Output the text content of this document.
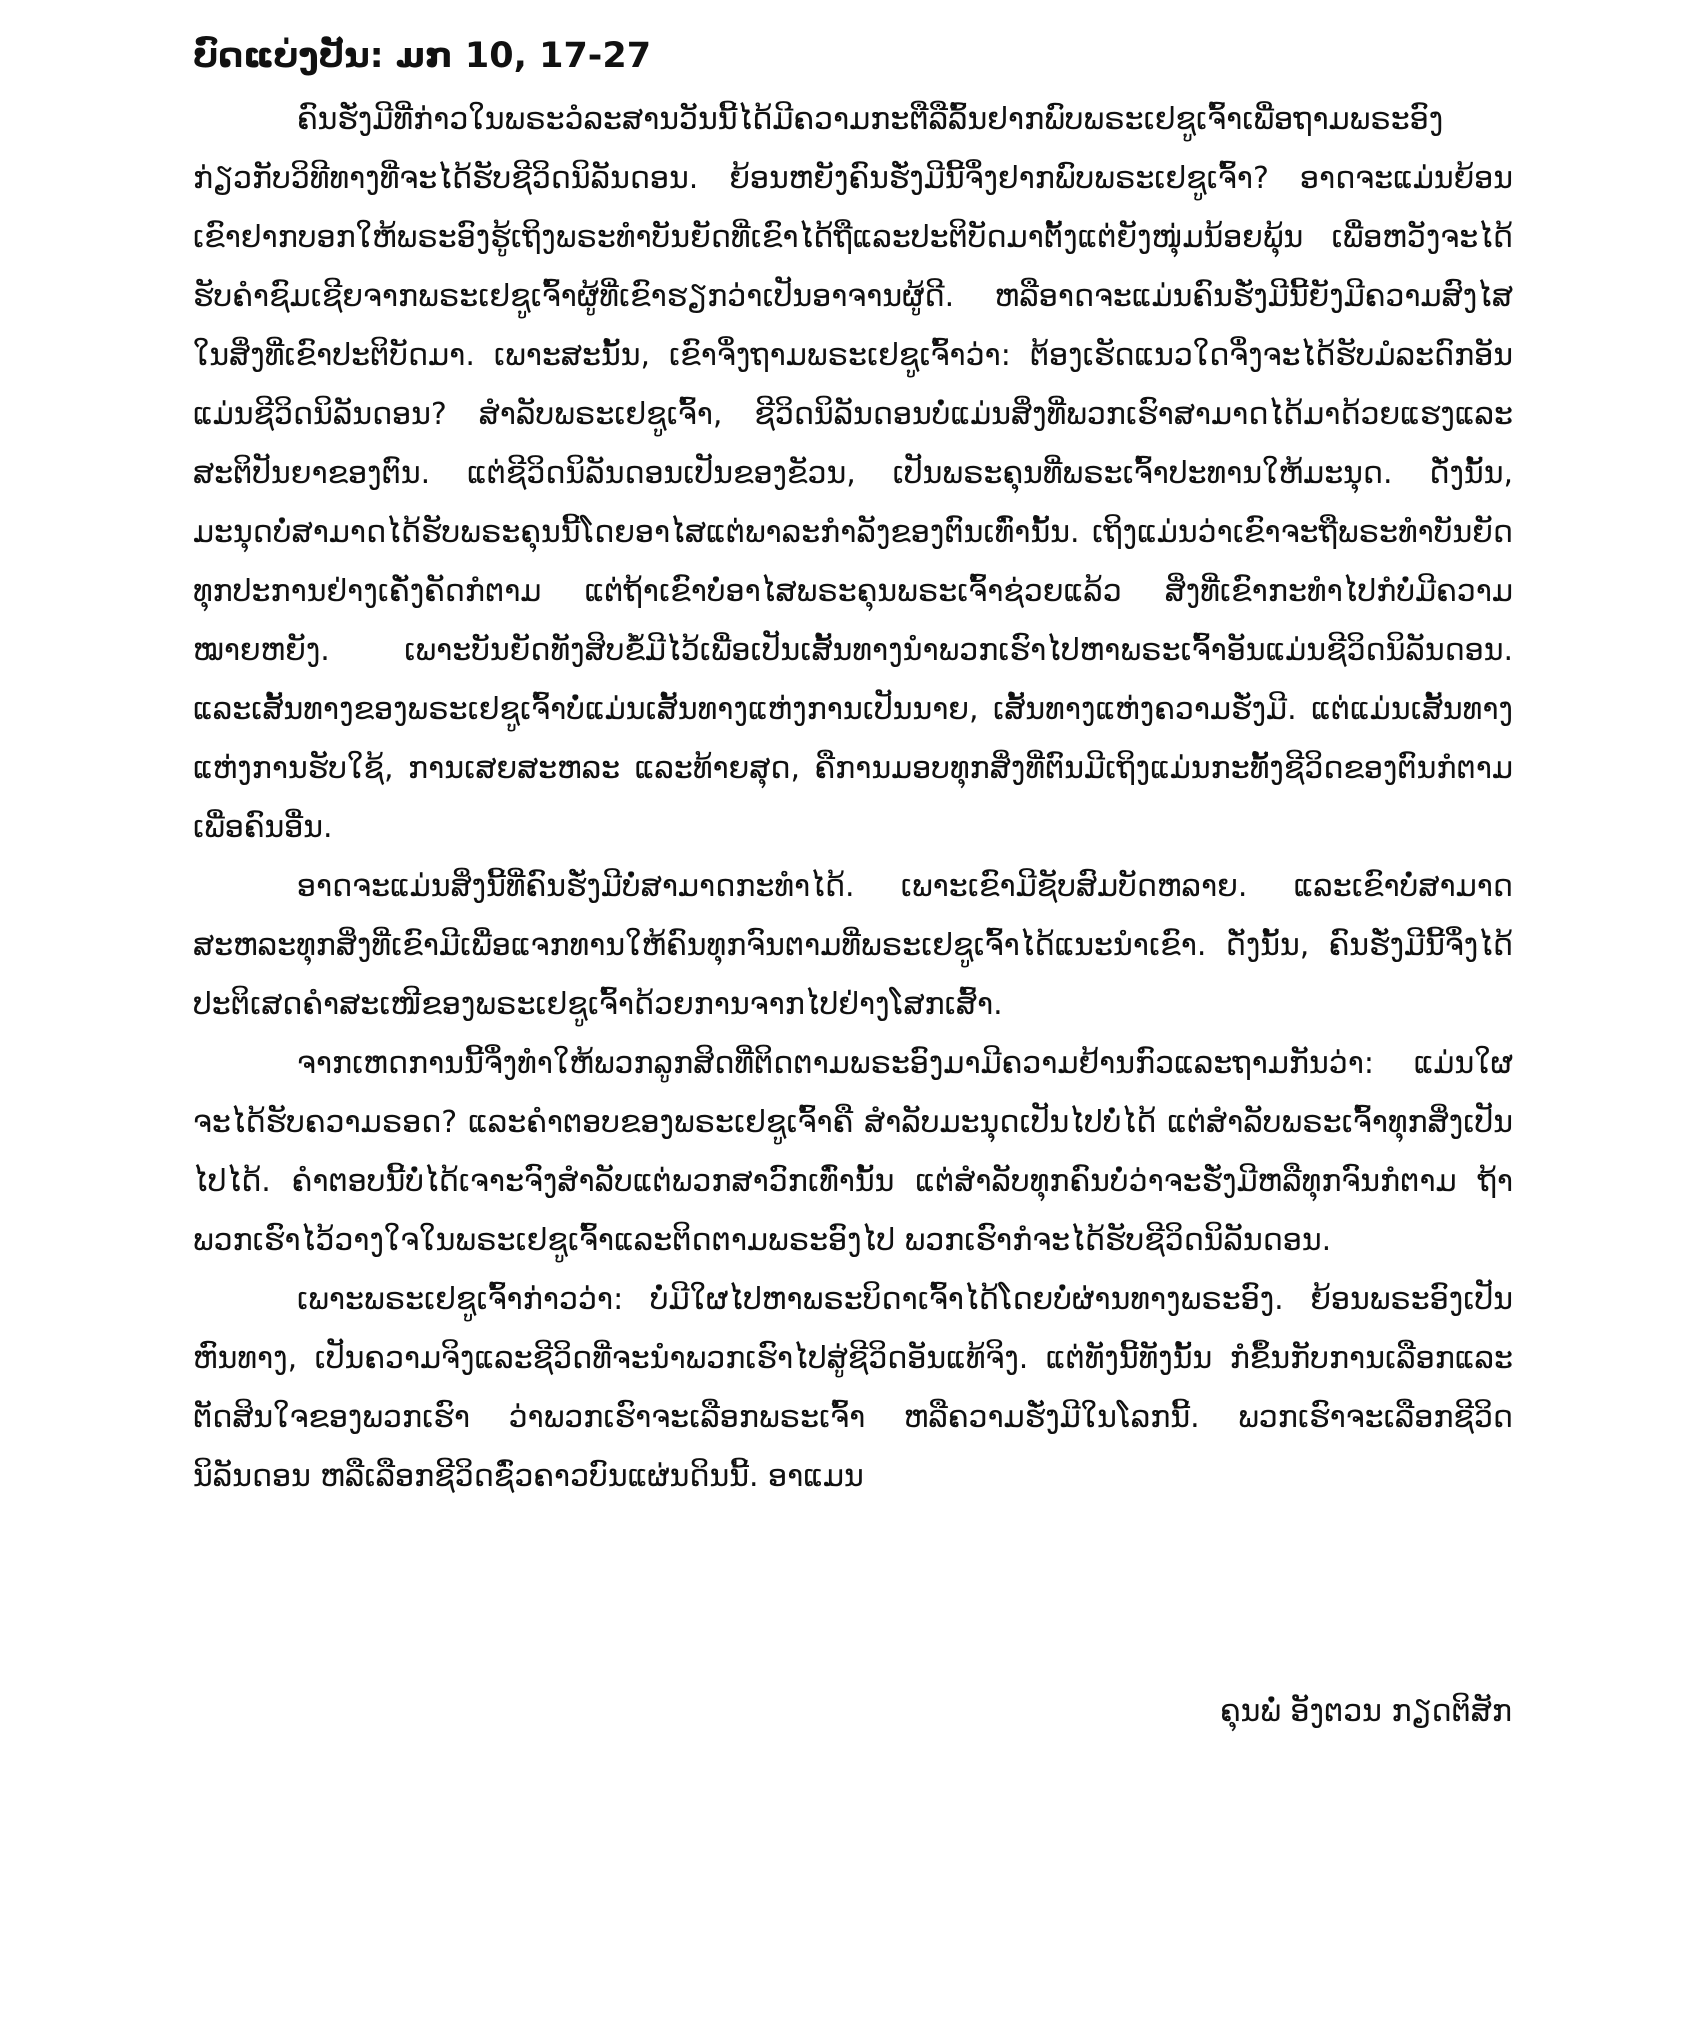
ບົດແບ່ງປັນ: ມກ 10, 17-27

ຄົນຮັ່ງມີທີ່ກ່າວໃນພຣະວໍລະສານວັນນີ້ໄດ້ມີຄວາມກະຕືລືລົ້ນຢາກພົບພຣະເຢຊູເຈົ້າເພື່ອຖາມພຣະອົງກ່ຽວກັບວິທີທາງທີ່ຈະໄດ້ຮັບຊີວິດນິລັນດອນ. ຍ້ອນຫຍັງຄົນຮັ່ງມີນີ້ຈຶ່ງຢາກພົບພຣະເຢຊູເຈົ້າ? ອາດຈະແມ່ນຍ້ອນເຂົາຢາກບອກໃຫ້ພຣະອົງຮູ້ເຖິງພຣະທໍາບັນຍັດທີ່ເຂົາໄດ້ຖືແລະປະຕິບັດມາຕັ້ງແຕ່ຍັງໜຸ່ມນ້ອຍພຸ້ນ ເພື່ອຫວັງຈະໄດ້ຮັບຄໍາຊົມເຊີຍຈາກພຣະເຢຊູເຈົ້າຜູ້ທີ່ເຂົາຮຽກວ່າເປັນອາຈານຜູ້ດີ. ຫລືອາດຈະແມ່ນຄົນຮັ່ງມີນີ້ຍັງມີຄວາມສົງໄສໃນສິ່ງທີ່ເຂົາປະຕິບັດມາ. ເພາະສະນັ້ນ, ເຂົາຈຶ່ງຖາມພຣະເຢຊູເຈົ້າວ່າ: ຕ້ອງເຮັດແນວໃດຈຶ່ງຈະໄດ້ຮັບມໍລະດົກອັນແມ່ນຊີວິດນິລັນດອນ? ສໍາລັບພຣະເຢຊູເຈົ້າ, ຊີວິດນິລັນດອນບໍ່ແມ່ນສິ່ງທີ່ພວກເຮົາສາມາດໄດ້ມາດ້ວຍແຮງແລະສະຕິປັນຍາຂອງຕົນ. ແຕ່ຊີວິດນິລັນດອນເປັນຂອງຂັວນ, ເປັນພຣະຄຸນທີ່ພຣະເຈົ້າປະທານໃຫ້ມະນຸດ. ດັ່ງນັ້ນ, ມະນຸດບໍ່ສາມາດໄດ້ຮັບພຣະຄຸນນີ້ໂດຍອາໄສແຕ່ພາລະກໍາລັງຂອງຕົນເທົ່ານັ້ນ. ເຖິງແມ່ນວ່າເຂົາຈະຖືພຣະທໍາບັນຍັດທຸກປະການຢ່າງເຄັ່ງຄັດກໍຕາມ ແຕ່ຖ້າເຂົາບໍ່ອາໄສພຣະຄຸນພຣະເຈົ້າຊ່ວຍແລ້ວ ສິ່ງທີ່ເຂົາກະທໍາໄປກໍບໍ່ມີຄວາມໝາຍຫຍັງ. ເພາະບັນຍັດທັງສິບຂໍ້ມີໄວ້ເພື່ອເປັນເສັ້ນທາງນໍາພວກເຮົາໄປຫາພຣະເຈົ້າອັນແມ່ນຊີວິດນິລັນດອນ. ແລະເສັ້ນທາງຂອງພຣະເຢຊູເຈົ້າບໍ່ແມ່ນເສັ້ນທາງແຫ່ງການເປັນນາຍ, ເສັ້ນທາງແຫ່ງຄວາມຮັ່ງມີ. ແຕ່ແມ່ນເສັ້ນທາງແຫ່ງການຮັບໃຊ້, ການເສຍສະຫລະ ແລະທ້າຍສຸດ, ຄືການມອບທຸກສິ່ງທີ່ຕົນມີເຖິງແມ່ນກະທັ້ງຊີວິດຂອງຕົນກໍຕາມເພື່ອຄົນອື່ນ.

ອາດຈະແມ່ນສິ່ງນີ້ທີ່ຄົນຮັ່ງມີບໍ່ສາມາດກະທໍາໄດ້. ເພາະເຂົາມີຊັບສົມບັດຫລາຍ. ແລະເຂົາບໍ່ສາມາດສະຫລະທຸກສິ່ງທີ່ເຂົາມີເພື່ອແຈກທານໃຫ້ຄົນທຸກຈົນຕາມທີ່ພຣະເຢຊູເຈົ້າໄດ້ແນະນໍາເຂົາ. ດັ່ງນັ້ນ, ຄົນຮັ່ງມີນີ້ຈຶ່ງໄດ້ປະຕິເສດຄໍາສະເໜີຂອງພຣະເຢຊູເຈົ້າດ້ວຍການຈາກໄປຢ່າງໂສກເສົ້າ.

ຈາກເຫດການນີ້ຈຶ່ງທໍາໃຫ້ພວກລູກສິດທີ່ຕິດຕາມພຣະອົງມາມີຄວາມຢ້ານກົວແລະຖາມກັນວ່າ: ແມ່ນໃຜຈະໄດ້ຮັບຄວາມຣອດ? ແລະຄໍາຕອບຂອງພຣະເຢຊູເຈົ້າຄື ສໍາລັບມະນຸດເປັນໄປບໍ່ໄດ້ ແຕ່ສໍາລັບພຣະເຈົ້າທຸກສິ່ງເປັນໄປໄດ້. ຄໍາຕອບນີ້ບໍ່ໄດ້ເຈາະຈົງສໍາລັບແຕ່ພວກສາວົກເທົ່ານັ້ນ ແຕ່ສໍາລັບທຸກຄົນບໍ່ວ່າຈະຮັ່ງມີຫລືທຸກຈົນກໍຕາມ ຖ້າພວກເຮົາໄວ້ວາງໃຈໃນພຣະເຢຊູເຈົ້າແລະຕິດຕາມພຣະອົງໄປ ພວກເຮົາກໍຈະໄດ້ຮັບຊີວິດນິລັນດອນ.

ເພາະພຣະເຢຊູເຈົ້າກ່າວວ່າ: ບໍ່ມີໃຜໄປຫາພຣະບິດາເຈົ້າໄດ້ໂດຍບໍ່ຜ່ານທາງພຣະອົງ. ຍ້ອນພຣະອົງເປັນຫົນທາງ, ເປັນຄວາມຈິງແລະຊີວິດທີ່ຈະນໍາພວກເຮົາໄປສູ່ຊີວິດອັນແທ້ຈິງ. ແຕ່ທັງນີ້ທັງນັ້ນ ກໍຂຶ້ນກັບການເລືອກແລະຕັດສິນໃຈຂອງພວກເຮົາ ວ່າພວກເຮົາຈະເລືອກພຣະເຈົ້າ ຫລືຄວາມຮັ່ງມີໃນໂລກນີ້. ພວກເຮົາຈະເລືອກຊີວິດນິລັນດອນ ຫລືເລືອກຊີວິດຊົ່ວຄາວບົນແຜ່ນດິນນີ້. ອາແມນ

ຄຸນພໍ່ ອັງຕວນ ກຽດຕິສັກ
